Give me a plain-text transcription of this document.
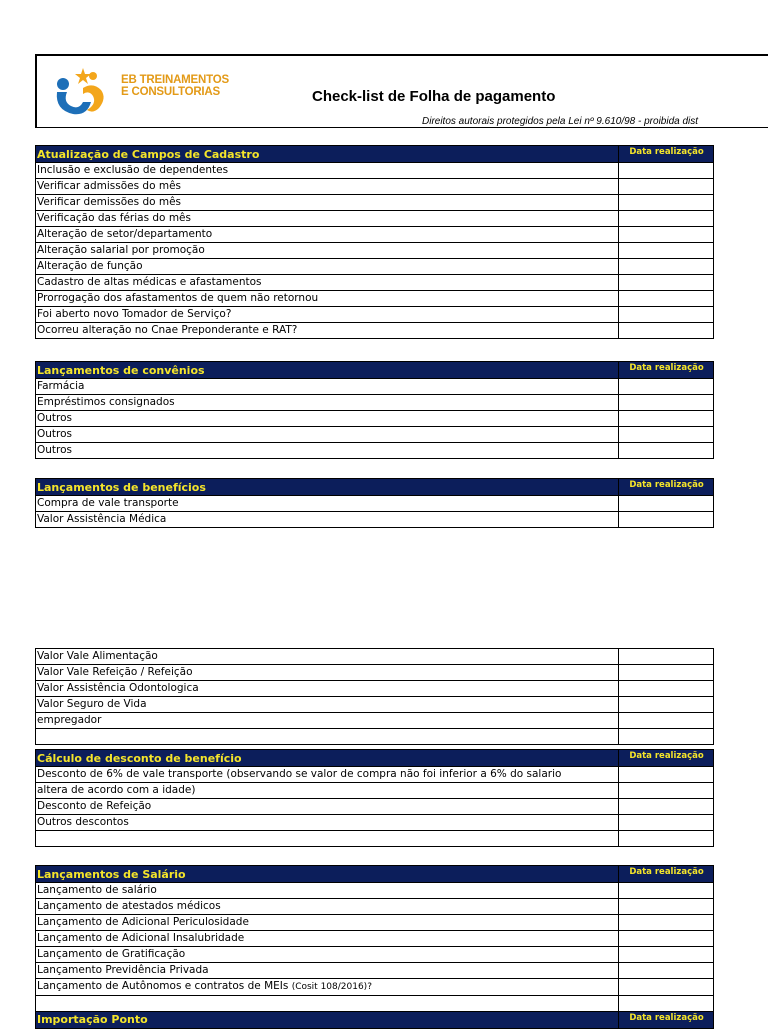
EB TREINAMENTOS
E CONSULTORIAS	Check-list de Folha de pagamento
Direitos autorais protegidos pela Lei nº 9.610/98 - proibida dist
Atualização de Campos de Cadastro	Data realização
Inclusão e exclusão de dependentes	
Verificar admissões do mês	
Verificar demissões do mês	
Verificação das férias do mês	
Alteração de setor/departamento	
Alteração salarial por promoção	
Alteração de função	
Cadastro de altas médicas e afastamentos	
Prorrogação dos afastamentos de quem não retornou	
Foi aberto novo Tomador de Serviço?	
Ocorreu alteração no Cnae Preponderante e RAT?	
Lançamentos de convênios	Data realização
Farmácia	
Empréstimos consignados	
Outros	
Outros	
Outros	
Lançamentos de benefícios	Data realização
Compra de vale transporte	
Valor Assistência Médica	
Valor Vale Alimentação	
Valor Vale Refeição / Refeição	
Valor Assistência Odontologica	
Valor Seguro de Vida	
empregador	

Cálculo de desconto de benefício	Data realização
Desconto de 6% de vale transporte (observando se valor de compra não foi inferior a 6% do salario	
altera de acordo com a idade)	
Desconto de Refeição	
Outros descontos	

Lançamentos de Salário	Data realização
Lançamento de salário	
Lançamento de atestados médicos	
Lançamento de Adicional Periculosidade	
Lançamento de Adicional Insalubridade	
Lançamento de Gratificação	
Lançamento Previdência Privada	
Lançamento de Autônomos e contratos de MEIs (Cosit 108/2016)?	

Importação Ponto	Data realização
